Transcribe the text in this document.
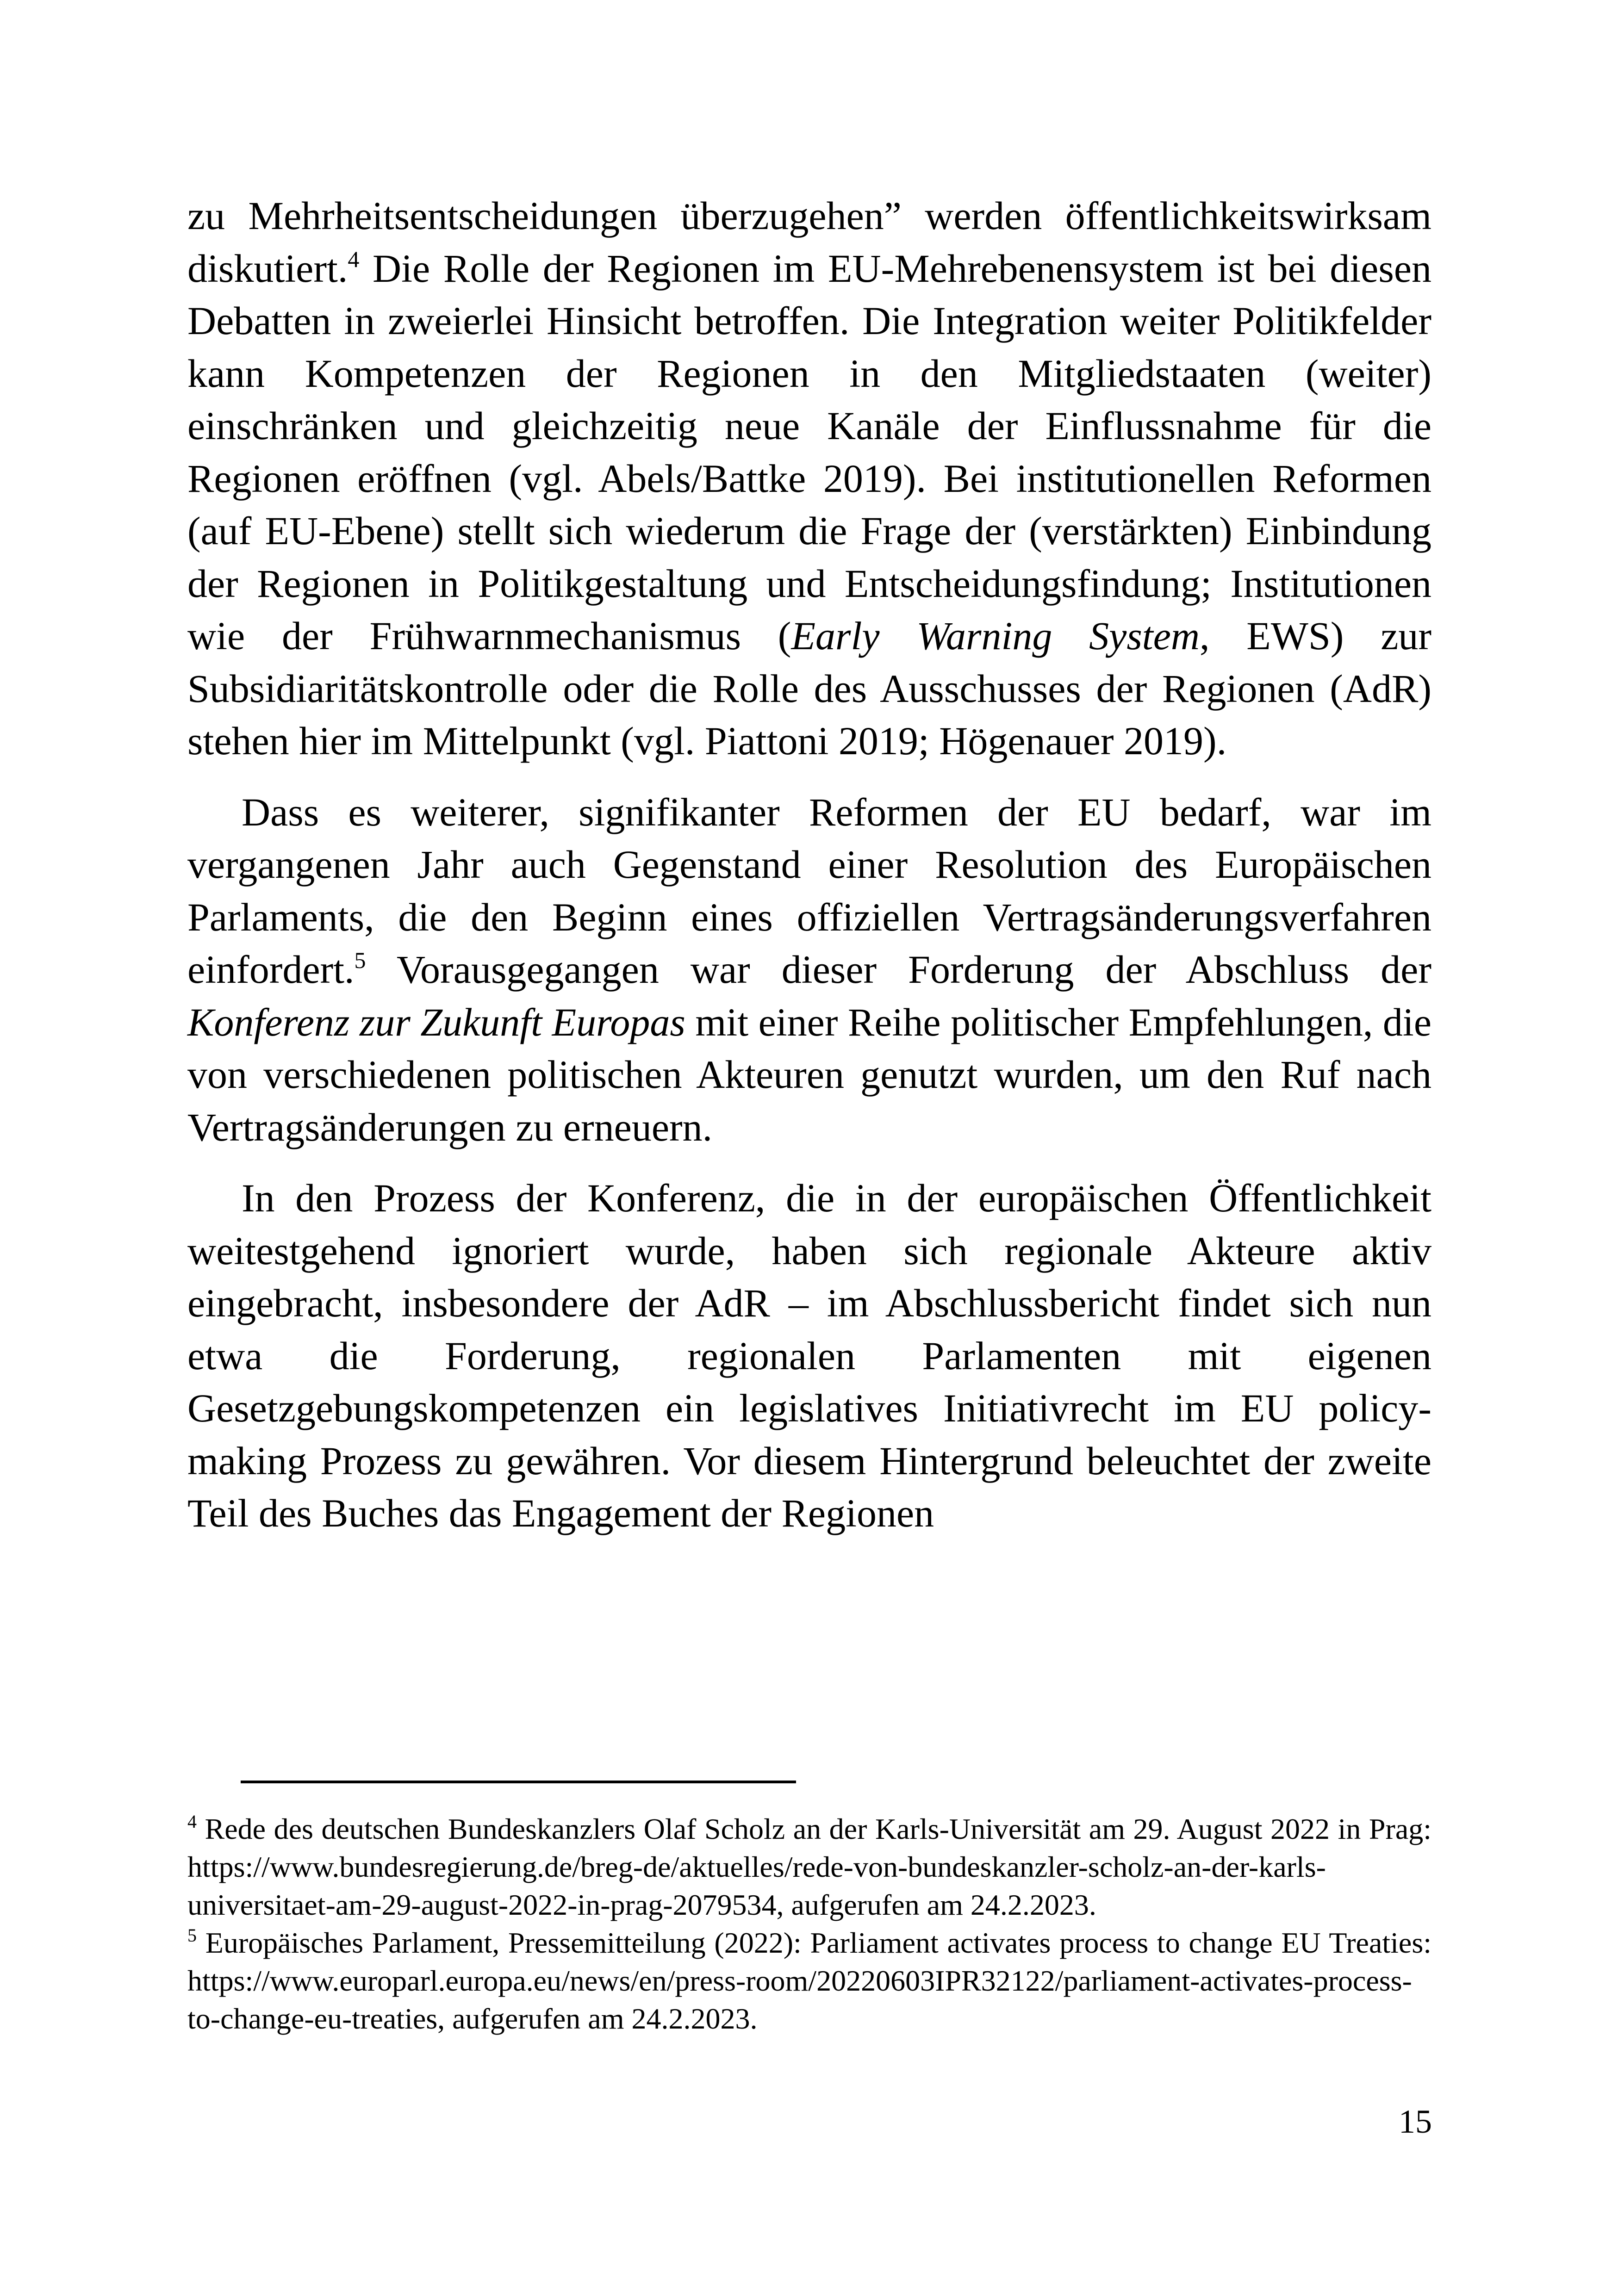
zu Mehrheitsentscheidungen überzugehen” werden öffentlichkeitswirksam diskutiert.$^4$ Die Rolle der Regionen im EU-Mehrebenensystem ist bei diesen Debatten in zweierlei Hinsicht betroffen. Die Integration weiter Politikfelder kann Kompetenzen der Regionen in den Mitgliedstaaten (weiter) einschränken und gleichzeitig neue Kanäle der Einflussnahme für die Regionen eröffnen (vgl. Abels/Battke 2019). Bei institutionellen Reformen (auf EU-Ebene) stellt sich wiederum die Frage der (verstärkten) Einbindung der Regionen in Politikgestaltung und Entscheidungsfindung; Institutionen wie der Frühwarnmechanismus (Early Warning System, EWS) zur Subsidiaritätskontrolle oder die Rolle des Ausschusses der Regionen (AdR) stehen hier im Mittelpunkt (vgl. Piattoni 2019; Högenauer 2019).

Dass es weiterer, signifikanter Reformen der EU bedarf, war im vergangenen Jahr auch Gegenstand einer Resolution des Europäischen Parlaments, die den Beginn eines offiziellen Vertragsänderungsverfahren einfordert.$^5$ Vorausgegangen war dieser Forderung der Abschluss der Konferenz zur Zukunft Europas mit einer Reihe politischer Empfehlungen, die von verschiedenen politischen Akteuren genutzt wurden, um den Ruf nach Vertragsänderungen zu erneuern.

In den Prozess der Konferenz, die in der europäischen Öffentlichkeit weitestgehend ignoriert wurde, haben sich regionale Akteure aktiv eingebracht, insbesondere der AdR – im Abschlussbericht findet sich nun etwa die Forderung, regionalen Parlamenten mit eigenen Gesetzgebungskompetenzen ein legislatives Initiativrecht im EU policy-making Prozess zu gewähren. Vor diesem Hintergrund beleuchtet der zweite Teil des Buches das Engagement der Regionen

$^4$ Rede des deutschen Bundeskanzlers Olaf Scholz an der Karls-Universität am 29. August 2022 in Prag: https://www.bundesregierung.de/breg-de/aktuelles/rede-von-bundeskanzler-scholz-an-der-karls-universitaet-am-29-august-2022-in-prag-2079534, aufgerufen am 24.2.2023.

$^5$ Europäisches Parlament, Pressemitteilung (2022): Parliament activates process to change EU Treaties: https://www.europarl.europa.eu/news/en/press-room/20220603IPR32122/parliament-activates-process-to-change-eu-treaties, aufgerufen am 24.2.2023.

15
